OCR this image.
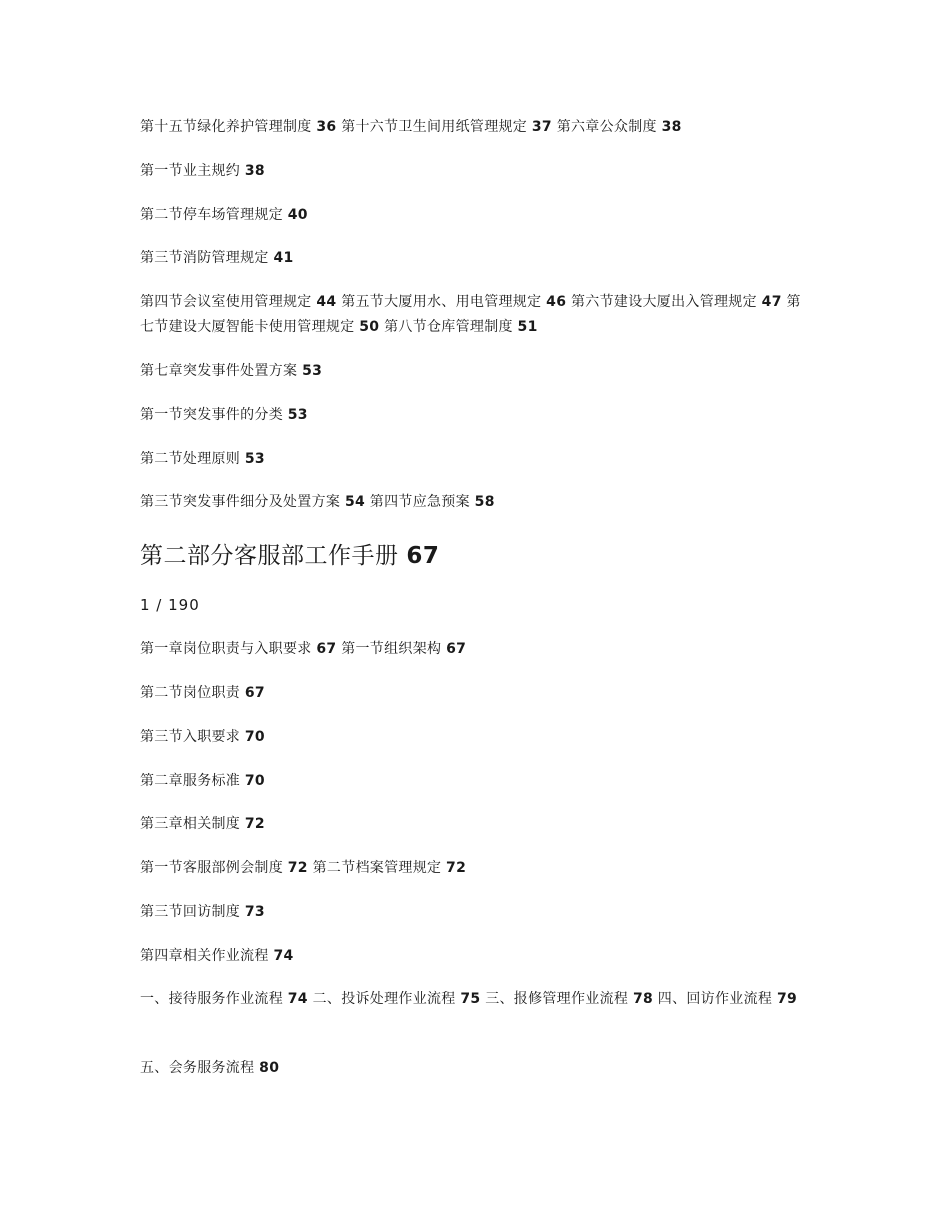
第十五节绿化养护管理制度 36 第十六节卫生间用纸管理规定 37 第六章公众制度 38
第一节业主规约 38
第二节停车场管理规定 40
第三节消防管理规定 41
第四节会议室使用管理规定 44 第五节大厦用水、用电管理规定 46 第六节建设大厦出入管理规定 47 第七节建设大厦智能卡使用管理规定 50 第八节仓库管理制度 51
第七章突发事件处置方案 53
第一节突发事件的分类 53
第二节处理原则 53
第三节突发事件细分及处置方案 54 第四节应急预案 58
第二部分客服部工作手册 67
1 / 190
第一章岗位职责与入职要求 67 第一节组织架构 67
第二节岗位职责 67
第三节入职要求 70
第二章服务标准 70
第三章相关制度 72
第一节客服部例会制度 72 第二节档案管理规定 72
第三节回访制度 73
第四章相关作业流程 74
一、接待服务作业流程 74 二、投诉处理作业流程 75 三、报修管理作业流程 78 四、回访作业流程 79
五、会务服务流程 80
